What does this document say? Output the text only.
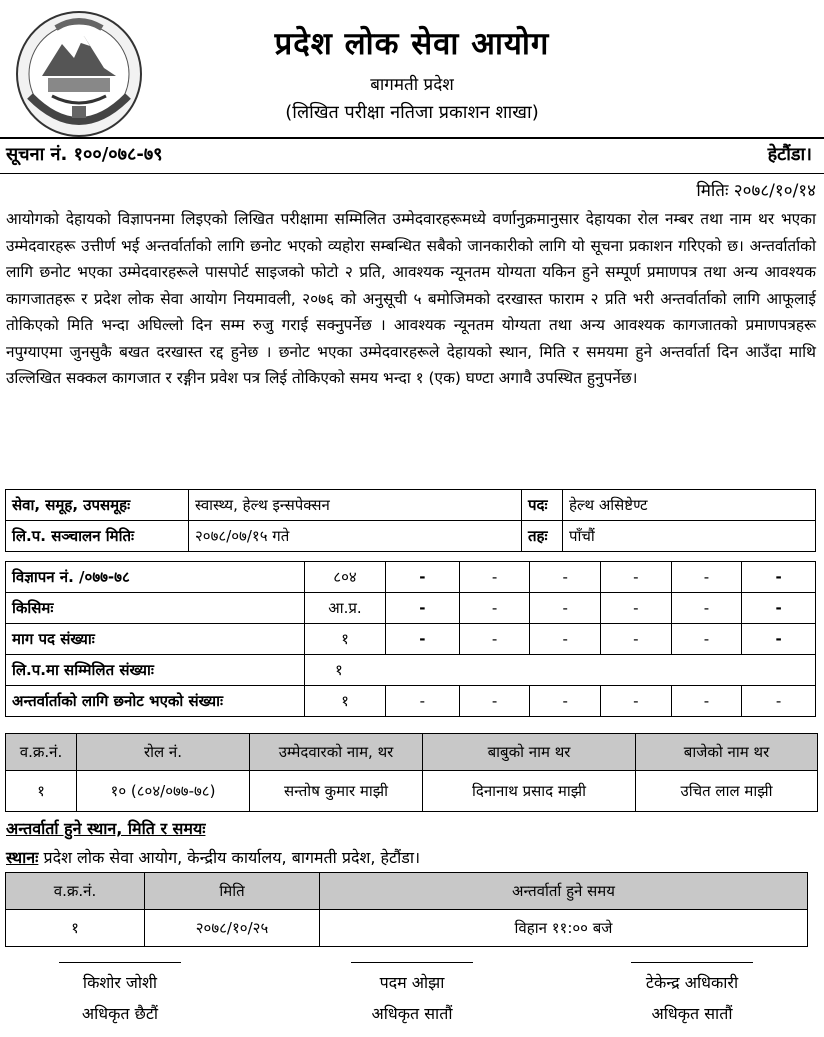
प्रदेश लोक सेवा आयोग
बागमती प्रदेश
(लिखित परीक्षा नतिजा प्रकाशन शाखा)
सूचना नं. १००/०७८-७९	हेटौंडा।
मितिः २०७८/१०/१४

आयोगको देहायको विज्ञापनमा लिइएको लिखित परीक्षामा सम्मिलित उम्मेदवारहरूमध्ये वर्णानुक्रमानुसार देहायका रोल नम्बर तथा नाम थर भएका उम्मेदवारहरू उत्तीर्ण भई अन्तर्वार्ताको लागि छनोट भएको व्यहोरा सम्बन्धित सबैको जानकारीको लागि यो सूचना प्रकाशन गरिएको छ। अन्तर्वार्ताको लागि छनोट भएका उम्मेदवारहरूले पासपोर्ट साइजको फोटो २ प्रति, आवश्यक न्यूनतम योग्यता यकिन हुने सम्पूर्ण प्रमाणपत्र तथा अन्य आवश्यक कागजातहरू र प्रदेश लोक सेवा आयोग नियमावली, २०७६ को अनुसूची ५ बमोजिमको दरखास्त फाराम २ प्रति भरी अन्तर्वार्ताको लागि आफूलाई तोकिएको मिति भन्दा अघिल्लो दिन सम्म रुजु गराई सक्नुपर्नेछ । आवश्यक न्यूनतम योग्यता तथा अन्य आवश्यक कागजातको प्रमाणपत्रहरू नपुग्याएमा जुनसुकै बखत दरखास्त रद्द हुनेछ । छनोट भएका उम्मेदवारहरूले देहायको स्थान, मिति र समयमा हुने अन्तर्वार्ता दिन आउँदा माथि उल्लिखित सक्कल कागजात र रङ्गीन प्रवेश पत्र लिई तोकिएको समय भन्दा १ (एक) घण्टा अगावै उपस्थित हुनुपर्नेछ।

सेवा, समूह, उपसमूहः	स्वास्थ्य, हेल्थ इन्सपेक्सन	पदः	हेल्थ असिष्टेण्ट
लि.प. सञ्चालन मितिः	२०७८/०७/१५ गते	तहः	पाँचौं
विज्ञापन नं. /०७७-७८	८०४	-	-	-	-	-	-
किसिमः	आ.प्र.	-	-	-	-	-	-
माग पद संख्याः	१	-	-	-	-	-	-
लि.प.मा सम्मिलित संख्याः	१						
अन्तर्वार्ताको लागि छनोट भएको संख्याः	१	-	-	-	-	-	-
व.क्र.नं.	रोल नं.	उम्मेदवारको नाम, थर	बाबुको नाम थर	बाजेको नाम थर
१	१० (८०४/०७७-७८)	सन्तोष कुमार माझी	दिनानाथ प्रसाद माझी	उचित लाल माझी
अन्तर्वार्ता हुने स्थान, मिति र समयः
स्थानः प्रदेश लोक सेवा आयोग, केन्द्रीय कार्यालय, बागमती प्रदेश, हेटौंडा।
व.क्र.नं.	मिति	अन्तर्वार्ता हुने समय
१	२०७८/१०/२५	विहान ११:०० बजे
किशोर जोशी
अधिकृत छैटौं
पदम ओझा
अधिकृत सातौं
टेकेन्द्र अधिकारी
अधिकृत सातौं
